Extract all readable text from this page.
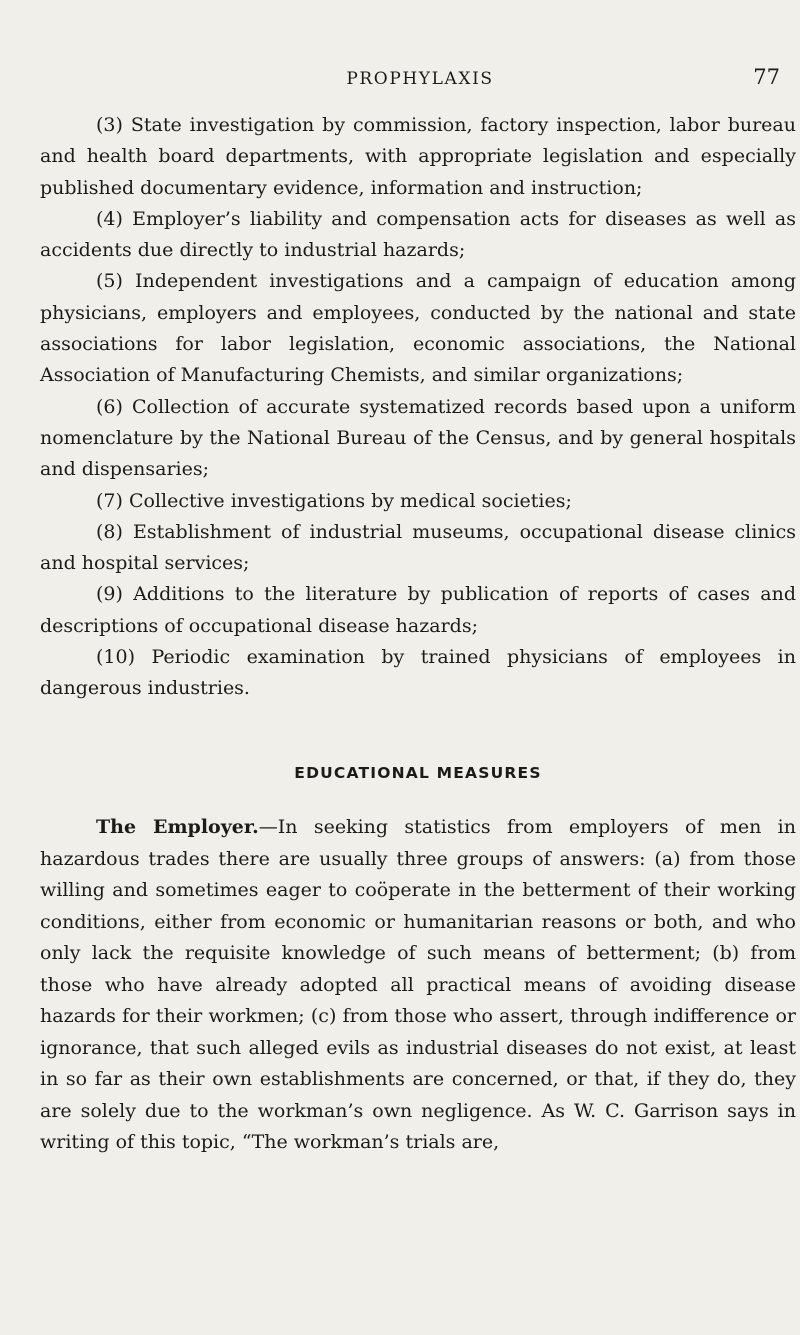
PROPHYLAXIS	77

(3) State investigation by commission, factory inspection, labor bureau and health board departments, with appropriate legislation and especially published documentary evidence, information and instruction;

(4) Employer’s liability and compensation acts for diseases as well as accidents due directly to industrial hazards;

(5) Independent investigations and a campaign of education among physicians, employers and employees, conducted by the national and state associations for labor legislation, economic associations, the National Association of Manufacturing Chemists, and similar organizations;

(6) Collection of accurate systematized records based upon a uniform nomenclature by the National Bureau of the Census, and by general hospitals and dispensaries;

(7) Collective investigations by medical societies;

(8) Establishment of industrial museums, occupational disease clinics and hospital services;

(9) Additions to the literature by publication of reports of cases and descriptions of occupational disease hazards;

(10) Periodic examination by trained physicians of employees in dangerous industries.

EDUCATIONAL MEASURES

The Employer.—In seeking statistics from employers of men in hazardous trades there are usually three groups of answers: (a) from those willing and sometimes eager to coöperate in the betterment of their working conditions, either from economic or humanitarian reasons or both, and who only lack the requisite knowledge of such means of betterment; (b) from those who have already adopted all practical means of avoiding disease hazards for their workmen; (c) from those who assert, through indifference or ignorance, that such alleged evils as industrial diseases do not exist, at least in so far as their own establishments are concerned, or that, if they do, they are solely due to the workman’s own negligence. As W. C. Garrison says in writing of this topic, “The workman’s trials are,
